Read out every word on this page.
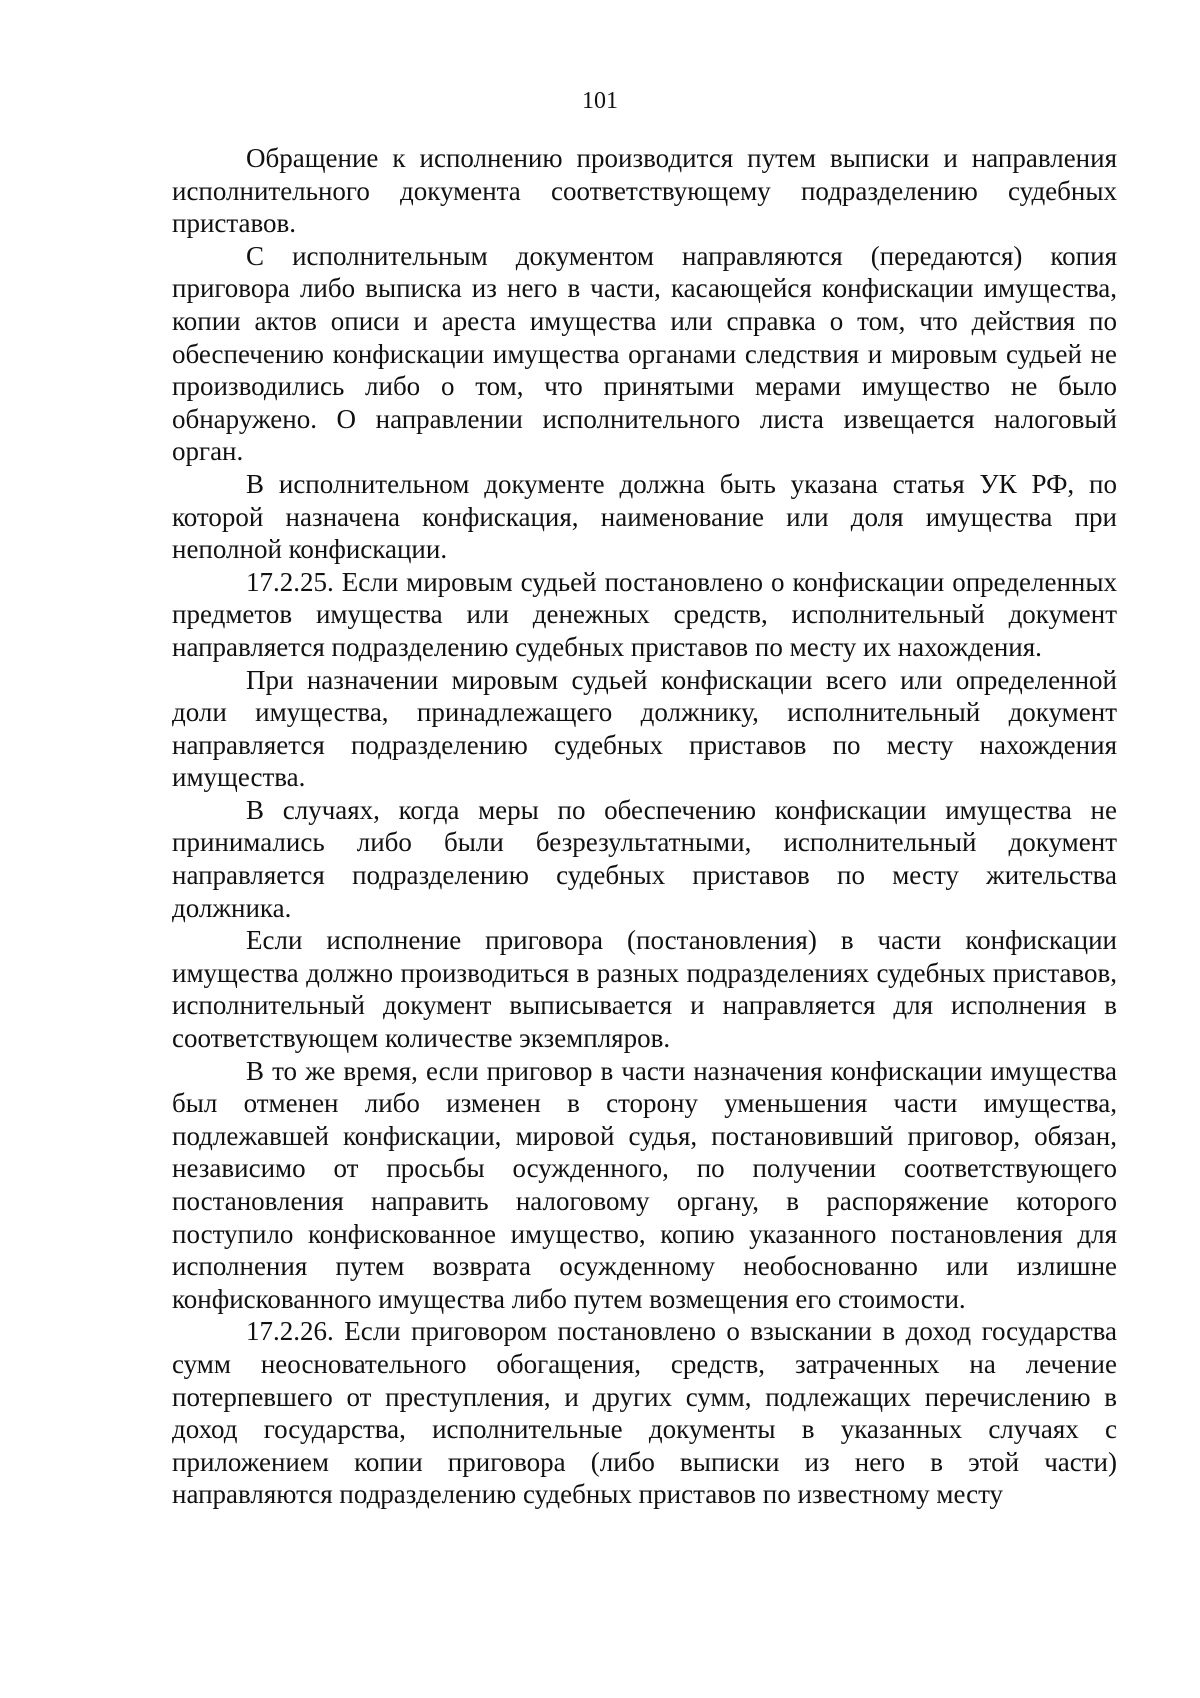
101

Обращение к исполнению производится путем выписки и направления исполнительного документа соответствующему подразделению судебных приставов.

С исполнительным документом направляются (передаются) копия приговора либо выписка из него в части, касающейся конфискации имущества, копии актов описи и ареста имущества или справка о том, что действия по обеспечению конфискации имущества органами следствия и мировым судьей не производились либо о том, что принятыми мерами имущество не было обнаружено. О направлении исполнительного листа извещается налоговый орган.

В исполнительном документе должна быть указана статья УК РФ, по которой назначена конфискация, наименование или доля имущества при неполной конфискации.

17.2.25. Если мировым судьей постановлено о конфискации определенных предметов имущества или денежных средств, исполнительный документ направляется подразделению судебных приставов по месту их нахождения.

При назначении мировым судьей конфискации всего или определенной доли имущества, принадлежащего должнику, исполнительный документ направляется подразделению судебных приставов по месту нахождения имущества.

В случаях, когда меры по обеспечению конфискации имущества не принимались либо были безрезультатными, исполнительный документ направляется подразделению судебных приставов по месту жительства должника.

Если исполнение приговора (постановления) в части конфискации имущества должно производиться в разных подразделениях судебных приставов, исполнительный документ выписывается и направляется для исполнения в соответствующем количестве экземпляров.

В то же время, если приговор в части назначения конфискации имущества был отменен либо изменен в сторону уменьшения части имущества, подлежавшей конфискации, мировой судья, постановивший приговор, обязан, независимо от просьбы осужденного, по получении соответствующего постановления направить налоговому органу, в распоряжение которого поступило конфискованное имущество, копию указанного постановления для исполнения путем возврата осужденному необоснованно или излишне конфискованного имущества либо путем возмещения его стоимости.

17.2.26. Если приговором постановлено о взыскании в доход государства сумм неосновательного обогащения, средств, затраченных на лечение потерпевшего от преступления, и других сумм, подлежащих перечислению в доход государства, исполнительные документы в указанных случаях с приложением копии приговора (либо выписки из него в этой части) направляются подразделению судебных приставов по известному месту
